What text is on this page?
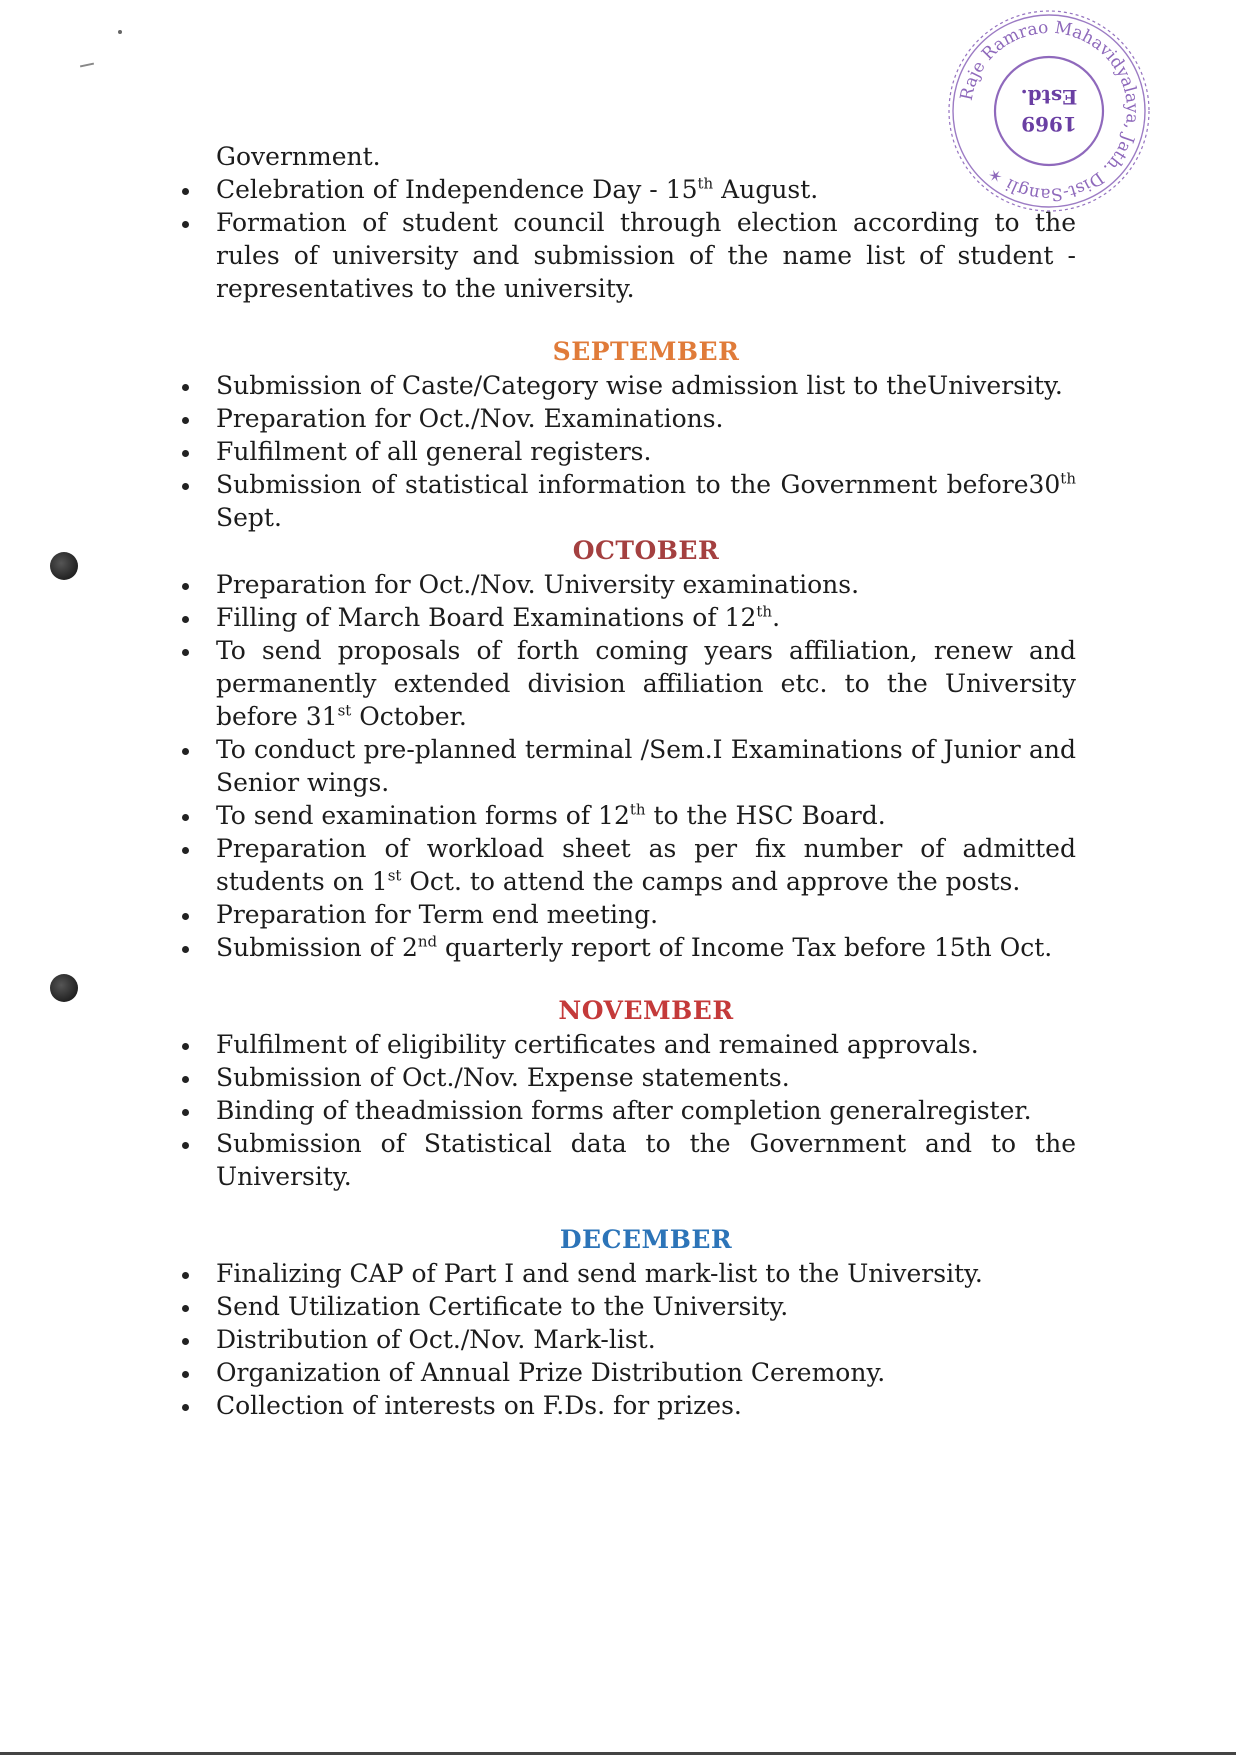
Raje Ramrao Mahavidyalaya, Jath. Dist-Sangli ✶
1969
Estd.

Government.

Celebration of Independence Day - 15th August.
Formation of student council through election according to the rules of university and submission of the name list of student - representatives to the university.
SEPTEMBER
Submission of Caste/Category wise admission list to theUniversity.
Preparation for Oct./Nov. Examinations.
Fulfilment of all general registers.
Submission of statistical information to the Government before30th Sept.
OCTOBER
Preparation for Oct./Nov. University examinations.
Filling of March Board Examinations of 12th.
To send proposals of forth coming years affiliation, renew and permanently extended division affiliation etc. to the University before 31st October.
To conduct pre-planned terminal /Sem.I Examinations of Junior and Senior wings.
To send examination forms of 12th to the HSC Board.
Preparation of workload sheet as per fix number of admitted students on 1st Oct. to attend the camps and approve the posts.
Preparation for Term end meeting.
Submission of 2nd quarterly report of Income Tax before 15th Oct.
NOVEMBER
Fulfilment of eligibility certificates and remained approvals.
Submission of Oct./Nov. Expense statements.
Binding of theadmission forms after completion generalregister.
Submission of Statistical data to the Government and to the University.
DECEMBER
Finalizing CAP of Part I and send mark-list to the University.
Send Utilization Certificate to the University.
Distribution of Oct./Nov. Mark-list.
Organization of Annual Prize Distribution Ceremony.
Collection of interests on F.Ds. for prizes.
